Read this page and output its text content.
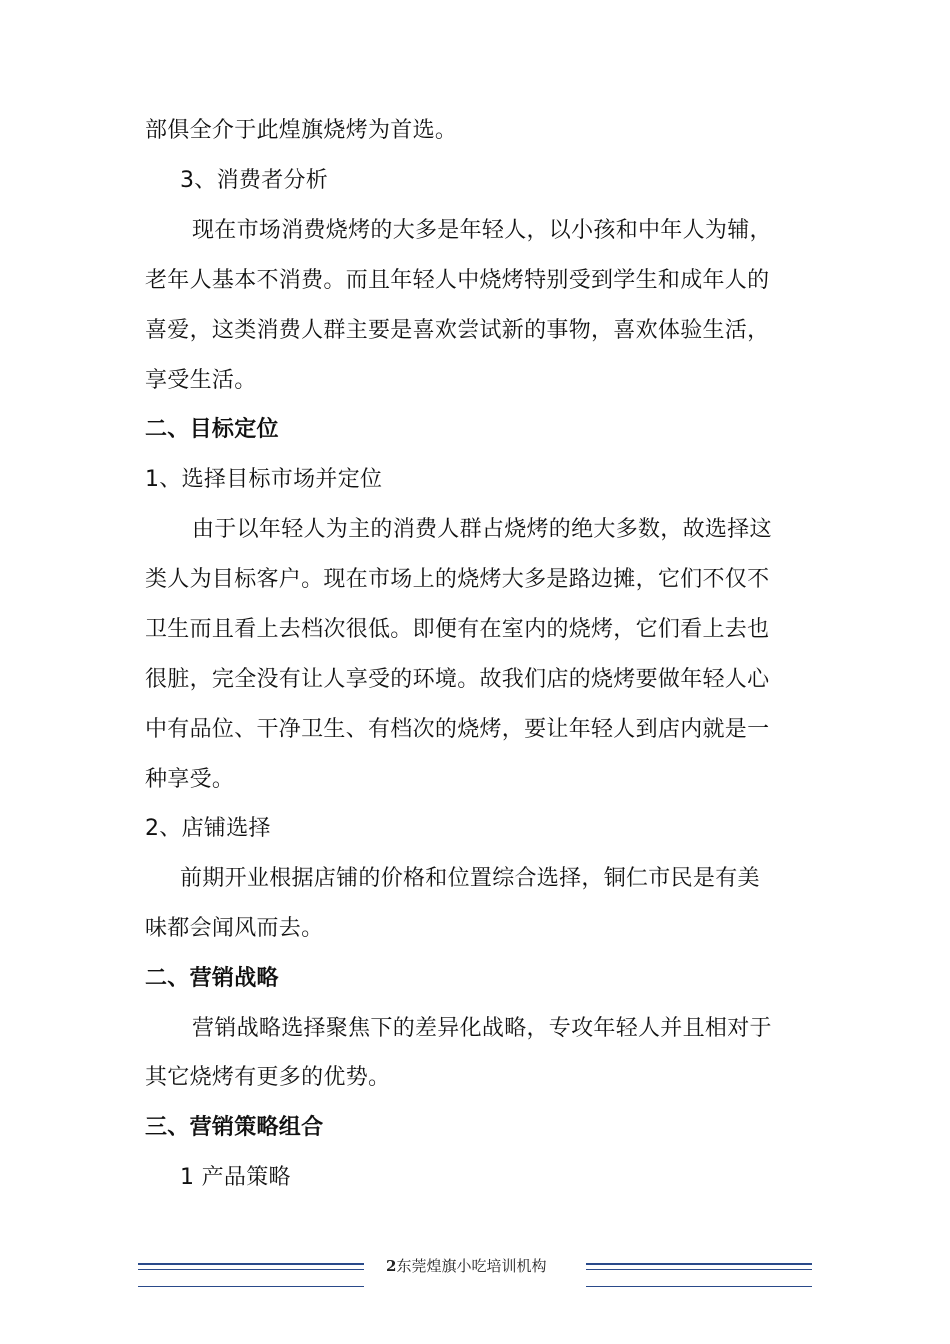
部俱全介于此煌旗烧烤为首选。
3、消费者分析
现在市场消费烧烤的大多是年轻人，以小孩和中年人为辅，
老年人基本不消费。而且年轻人中烧烤特别受到学生和成年人的
喜爱，这类消费人群主要是喜欢尝试新的事物，喜欢体验生活，
享受生活。
二、目标定位
1、选择目标市场并定位
由于以年轻人为主的消费人群占烧烤的绝大多数，故选择这
类人为目标客户。现在市场上的烧烤大多是路边摊，它们不仅不
卫生而且看上去档次很低。即便有在室内的烧烤，它们看上去也
很脏，完全没有让人享受的环境。故我们店的烧烤要做年轻人心
中有品位、干净卫生、有档次的烧烤，要让年轻人到店内就是一
种享受。
2、店铺选择
前期开业根据店铺的价格和位置综合选择，铜仁市民是有美
味都会闻风而去。
二、营销战略
营销战略选择聚焦下的差异化战略，专攻年轻人并且相对于
其它烧烤有更多的优势。
三、营销策略组合
1 产品策略
2东莞煌旗小吃培训机构
